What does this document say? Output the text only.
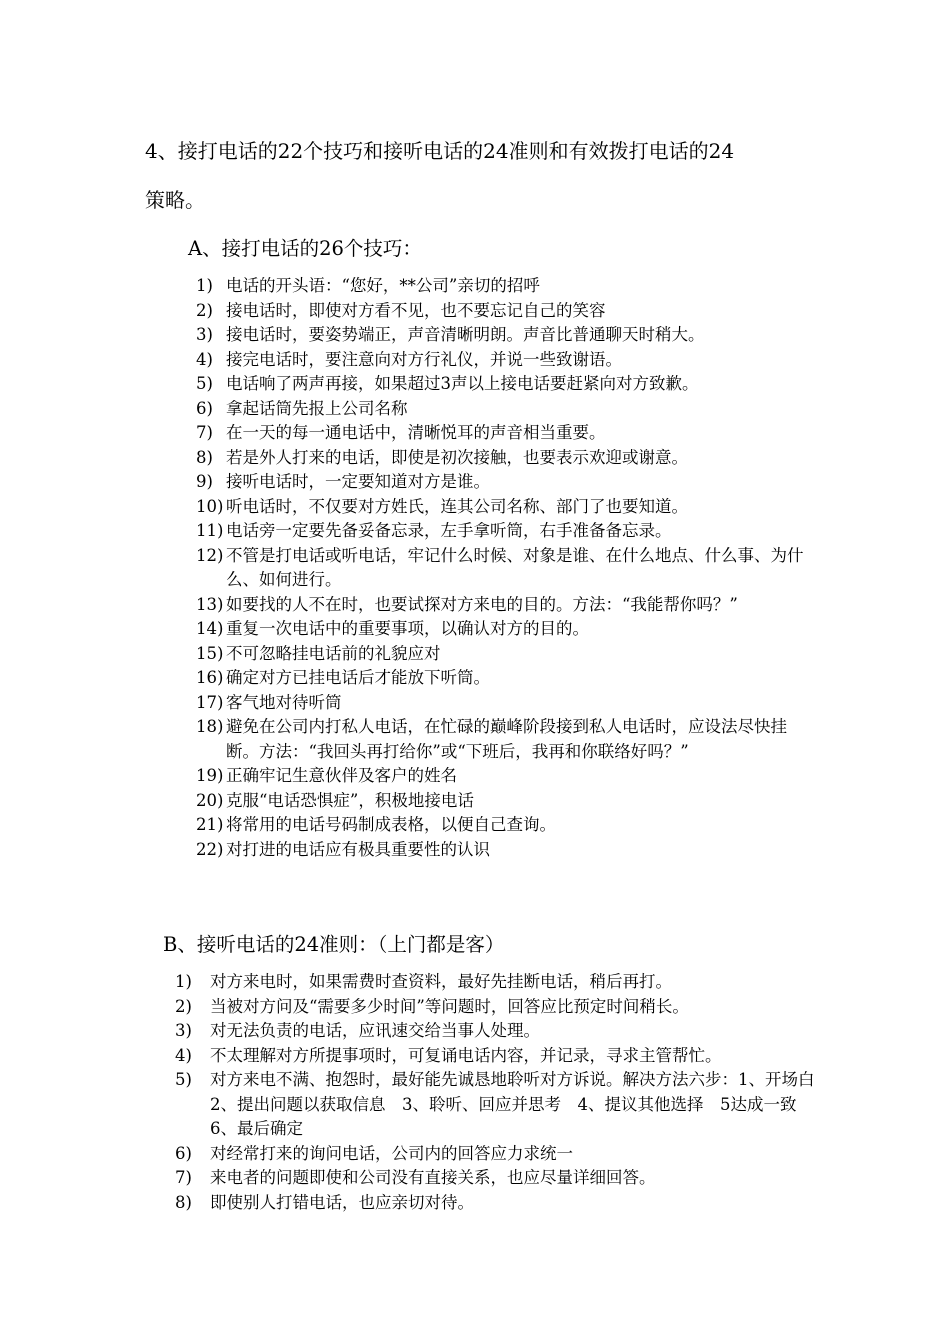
4、接打电话的22个技巧和接听电话的24准则和有效拨打电话的24
策略。
A、接打电话的26个技巧：
1) 电话的开头语：“您好，**公司”亲切的招呼
2) 接电话时，即使对方看不见，也不要忘记自己的笑容
3) 接电话时，要姿势端正，声音清晰明朗。声音比普通聊天时稍大。
4) 接完电话时，要注意向对方行礼仪，并说一些致谢语。
5) 电话响了两声再接，如果超过3声以上接电话要赶紧向对方致歉。
6) 拿起话筒先报上公司名称
7) 在一天的每一通电话中，清晰悦耳的声音相当重要。
8) 若是外人打来的电话，即使是初次接触，也要表示欢迎或谢意。
9) 接听电话时，一定要知道对方是谁。
10) 听电话时，不仅要对方姓氏，连其公司名称、部门了也要知道。
11) 电话旁一定要先备妥备忘录，左手拿听筒，右手准备备忘录。
12) 不管是打电话或听电话，牢记什么时候、对象是谁、在什么地点、什么事、为什么、如何进行。
13) 如要找的人不在时，也要试探对方来电的目的。方法：“我能帮你吗？”
14) 重复一次电话中的重要事项，以确认对方的目的。
15) 不可忽略挂电话前的礼貌应对
16) 确定对方已挂电话后才能放下听筒。
17) 客气地对待听筒
18) 避免在公司内打私人电话，在忙碌的巅峰阶段接到私人电话时，应设法尽快挂断。方法：“我回头再打给你”或“下班后，我再和你联络好吗？”
19) 正确牢记生意伙伴及客户的姓名
20) 克服“电话恐惧症”，积极地接电话
21) 将常用的电话号码制成表格，以便自己查询。
22) 对打进的电话应有极具重要性的认识
B、接听电话的24准则：（上门都是客）
1) 对方来电时，如果需费时查资料，最好先挂断电话，稍后再打。
2) 当被对方问及“需要多少时间”等问题时，回答应比预定时间稍长。
3) 对无法负责的电话，应讯速交给当事人处理。
4) 不太理解对方所提事项时，可复诵电话内容，并记录，寻求主管帮忙。
5) 对方来电不满、抱怨时，最好能先诚恳地聆听对方诉说。解决方法六步：1、开场白　2、提出问题以获取信息　3、聆听、回应并思考　4、提议其他选择　5达成一致　6、最后确定
6) 对经常打来的询问电话，公司内的回答应力求统一
7) 来电者的问题即使和公司没有直接关系，也应尽量详细回答。
8) 即使别人打错电话，也应亲切对待。
